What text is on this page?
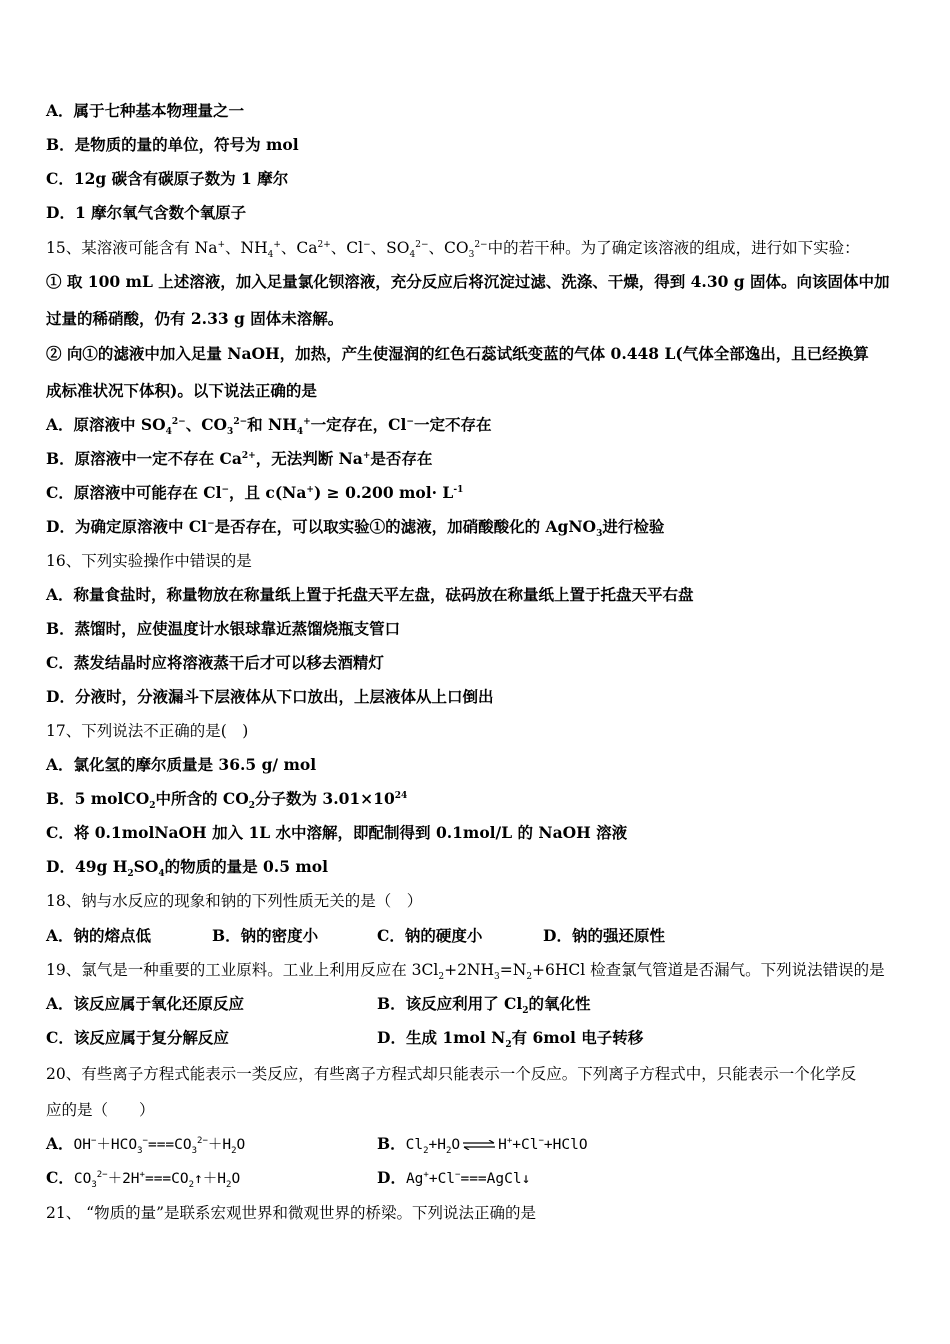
A．属于七种基本物理量之一
B．是物质的量的单位，符号为 mol
C．12g 碳含有碳原子数为 1 摩尔
D．1 摩尔氧气含数个氧原子
15、某溶液可能含有 Na+、$NH_4^+$、$Ca^{2+}$、Cl−、$SO_4^{2-}$、$CO_3^{2-}$中的若干种。为了确定该溶液的组成，进行如下实验：
① 取 100 mL 上述溶液，加入足量氯化钡溶液，充分反应后将沉淀过滤、洗涤、干燥，得到 4.30 g 固体。向该固体中加
过量的稀硝酸，仍有 2.33 g 固体未溶解。
② 向①的滤液中加入足量 NaOH，加热，产生使湿润的红色石蕊试纸变蓝的气体 0.448 L(气体全部逸出，且已经换算
成标准状况下体积)。以下说法正确的是
A．原溶液中 $SO_4^{2-}$、$CO_3^{2-}$和 $NH_4^+$一定存在，Cl−一定不存在
B．原溶液中一定不存在 $Ca^{2+}$，无法判断 Na+是否存在
C．原溶液中可能存在 Cl−，且 c(Na+) ≥ 0.200 $mol\cdot L^{-1}$
D．为确定原溶液中 Cl−是否存在，可以取实验①的滤液，加硝酸酸化的 AgNO$_3$进行检验
16、下列实验操作中错误的是
A．称量食盐时，称量物放在称量纸上置于托盘天平左盘，砝码放在称量纸上置于托盘天平右盘
B．蒸馏时，应使温度计水银球靠近蒸馏烧瓶支管口
C．蒸发结晶时应将溶液蒸干后才可以移去酒精灯
D．分液时，分液漏斗下层液体从下口放出，上层液体从上口倒出
17、下列说法不正确的是(　)
A．氯化氢的摩尔质量是 36.5 g/ mol
B．5 molCO$_2$中所含的 $CO_2$分子数为 $3.01\times 10^{24}$
C．将 0.1molNaOH 加入 1L 水中溶解，即配制得到 0.1mol/L 的 NaOH 溶液
D．49g $H_2SO_4$的物质的量是 0.5 mol
18、钠与水反应的现象和钠的下列性质无关的是（　）
A．钠的熔点低	B．钠的密度小	C．钠的硬度小	D．钠的强还原性
19、氯气是一种重要的工业原料。工业上利用反应在 $3Cl_2+2NH_3=N_2+6HCl$ 检查氯气管道是否漏气。下列说法错误的是
A．该反应属于氧化还原反应	B．该反应利用了 $Cl_2$的氧化性
C．该反应属于复分解反应	D．生成 1mol $N_2$有 6mol 电子转移
20、有些离子方程式能表示一类反应，有些离子方程式却只能表示一个反应。下列离子方程式中，只能表示一个化学反
应的是（　　）
A．$OH^-+HCO_3^-===CO_3^{2-}+H_2O$	B．$Cl_2+H_2O$ ⇌ H++Cl−+HClO
C．$CO_3^{2-}+2H^+===CO_2↑+H_2O$	D．Ag++Cl−===AgCl↓
21、 “物质的量”是联系宏观世界和微观世界的桥梁。下列说法正确的是
